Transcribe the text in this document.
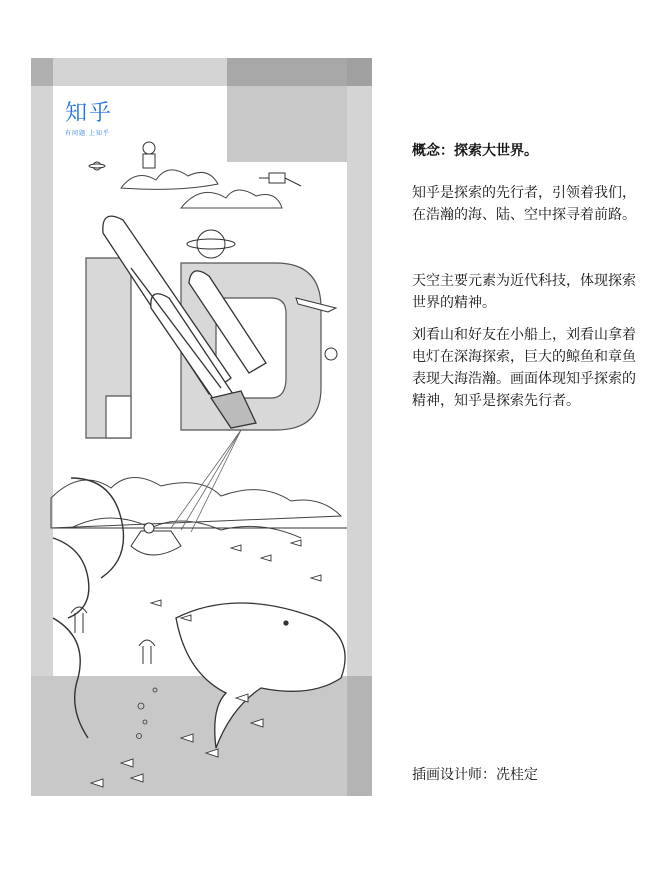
知乎
有问题 上知乎

概念：探索大世界。

知乎是探索的先行者，引领着我们，在浩瀚的海、陆、空中探寻着前路。

天空主要元素为近代科技，体现探索世界的精神。

刘看山和好友在小船上，刘看山拿着电灯在深海探索，巨大的鲸鱼和章鱼表现大海浩瀚。画面体现知乎探索的精神，知乎是探索先行者。

插画设计师：冼桂定
